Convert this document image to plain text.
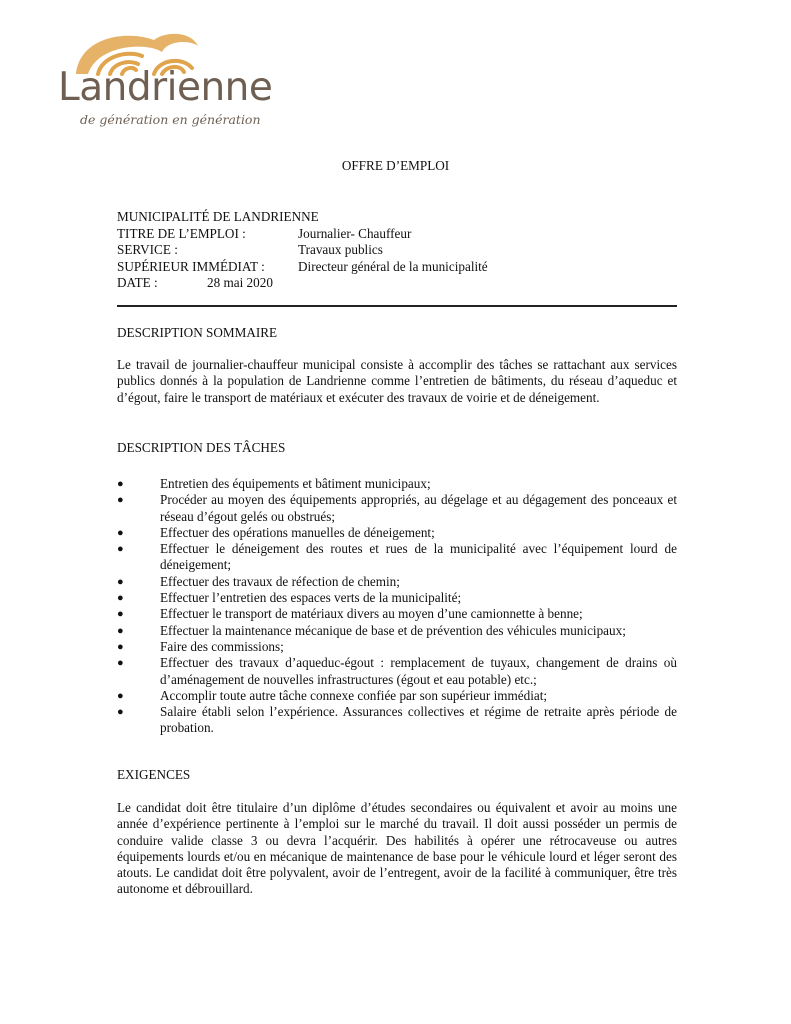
Landrienne
de génération en génération
OFFRE D’EMPLOI
MUNICIPALITÉ DE LANDRIENNE
TITRE DE L’EMPLOI :	Journalier- Chauffeur
SERVICE :	Travaux publics
SUPÉRIEUR IMMÉDIAT :	Directeur général de la municipalité
DATE :	28 mai 2020
DESCRIPTION SOMMAIRE
Le travail de journalier-chauffeur municipal consiste à accomplir des tâches se rattachant aux services publics donnés à la population de Landrienne comme l’entretien de bâtiments, du réseau d’aqueduc et d’égout, faire le transport de matériaux et exécuter des travaux de voirie et de déneigement.
DESCRIPTION DES TÂCHES
●	Entretien des équipements et bâtiment municipaux;
●	Procéder au moyen des équipements appropriés, au dégelage et au dégagement des ponceaux et réseau d’égout gelés ou obstrués;
●	Effectuer des opérations manuelles de déneigement;
●	Effectuer le déneigement des routes et rues de la municipalité avec l’équipement lourd de déneigement;
●	Effectuer des travaux de réfection de chemin;
●	Effectuer l’entretien des espaces verts de la municipalité;
●	Effectuer le transport de matériaux divers au moyen d’une camionnette à benne;
●	Effectuer la maintenance mécanique de base et de prévention des véhicules municipaux;
●	Faire des commissions;
●	Effectuer des travaux d’aqueduc-égout : remplacement de tuyaux, changement de drains où d’aménagement de nouvelles infrastructures (égout et eau potable) etc.;
●	Accomplir toute autre tâche connexe confiée par son supérieur immédiat;
●	Salaire établi selon l’expérience. Assurances collectives et régime de retraite après période de probation.
EXIGENCES
Le candidat doit être titulaire d’un diplôme d’études secondaires ou équivalent et avoir au moins une année d’expérience pertinente à l’emploi sur le marché du travail. Il doit aussi posséder un permis de conduire valide classe 3 ou devra l’acquérir. Des habilités à opérer une rétrocaveuse ou autres équipements lourds et/ou en mécanique de maintenance de base pour le véhicule lourd et léger seront des atouts. Le candidat doit être polyvalent, avoir de l’entregent, avoir de la facilité à communiquer, être très autonome et débrouillard.
